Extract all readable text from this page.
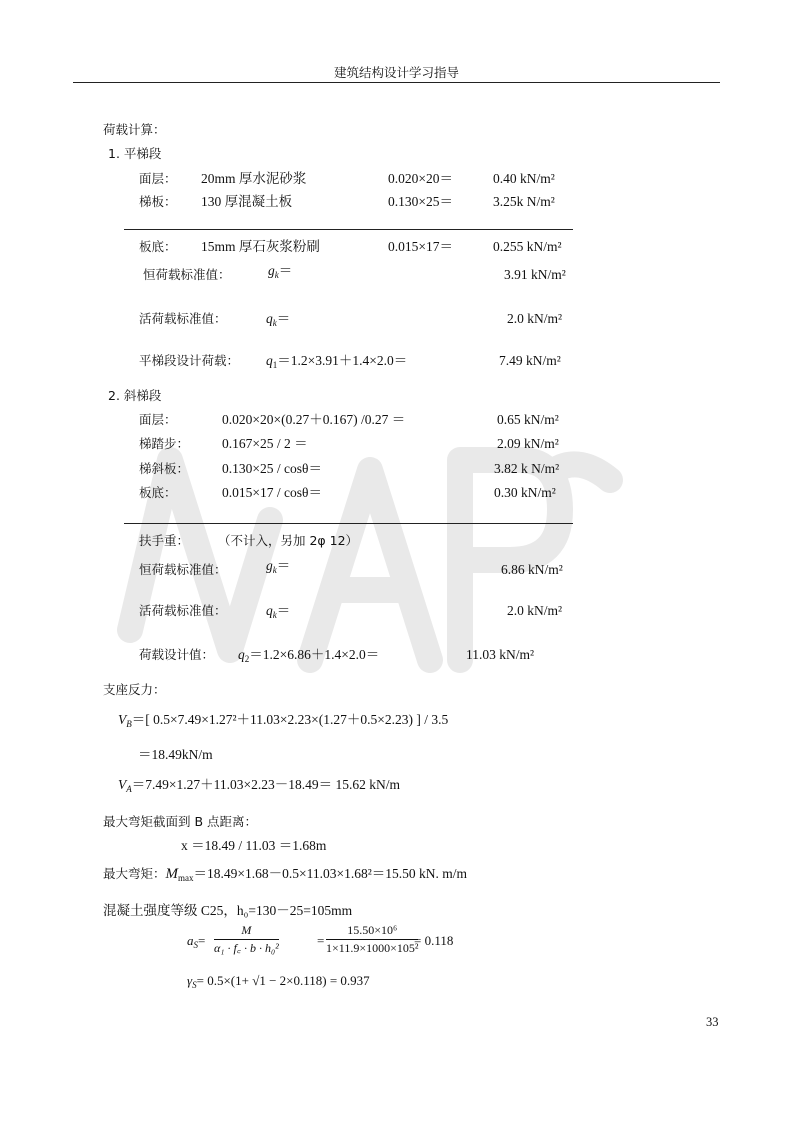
建筑结构设计学习指导
荷载计算：
1. 平梯段
面层： 20mm 厚水泥砂浆	0.020×20＝	0.40 kN/m²
梯板： 130 厚混凝土板	0.130×25＝	3.25k N/m²
板底： 15mm 厚石灰浆粉刷	0.015×17＝	0.255 kN/m²
恒荷载标准值：	$g_k=$	3.91 kN/m²
活荷载标准值：	$q_k=$	2.0 kN/m²
平梯段设计荷载： $q_1=1.2\times 3.91+1.4\times 2.0=$	7.49 kN/m²
2. 斜梯段
面层：	0.020×20×(0.27＋0.167) /0.27 ＝	0.65 kN/m²
梯踏步： 0.167×25 / 2 ＝	2.09 kN/m²
梯斜板： 0.130×25 / cosθ＝	3.82 k N/m²
板底：	0.015×17 / cosθ＝	0.30 kN/m²
扶手重： （不计入，另加 2φ 12）
恒荷载标准值：	$g_k=$	6.86 kN/m²
活荷载标准值：	$q_k=$	2.0 kN/m²
荷载设计值： $q_2=1.2\times 6.86+1.4\times 2.0=$	11.03 kN/m²
支座反力：
$V_B=$[ 0.5×7.49×1.27²＋11.03×2.23×(1.27＋0.5×2.23) ] / 3.5
＝18.49kN/m
$V_A=7.49\times 1.27+11.03\times 2.23-18.49= 15.62$ kN/m
最大弯矩截面到 B 点距离：
x ＝18.49 / 11.03 ＝1.68m
最大弯矩：$M_{max}=18.49\times 1.68-0.5\times 11.03\times 1.68^2=15.50$ kN. m/m
混凝土强度等级 C25，h₀=130－25=105mm
$a_S= \frac{M}{\text{α₁ · f꜀ · b · h₀²}}$	= $\frac{\text{15.50×10⁶}}{\text{1×11.9×1000×105²}}$
= 0.118
$\gamma_S= 0.5\times(1+ √1 - 2\times 0.118) = 0.937$
33
